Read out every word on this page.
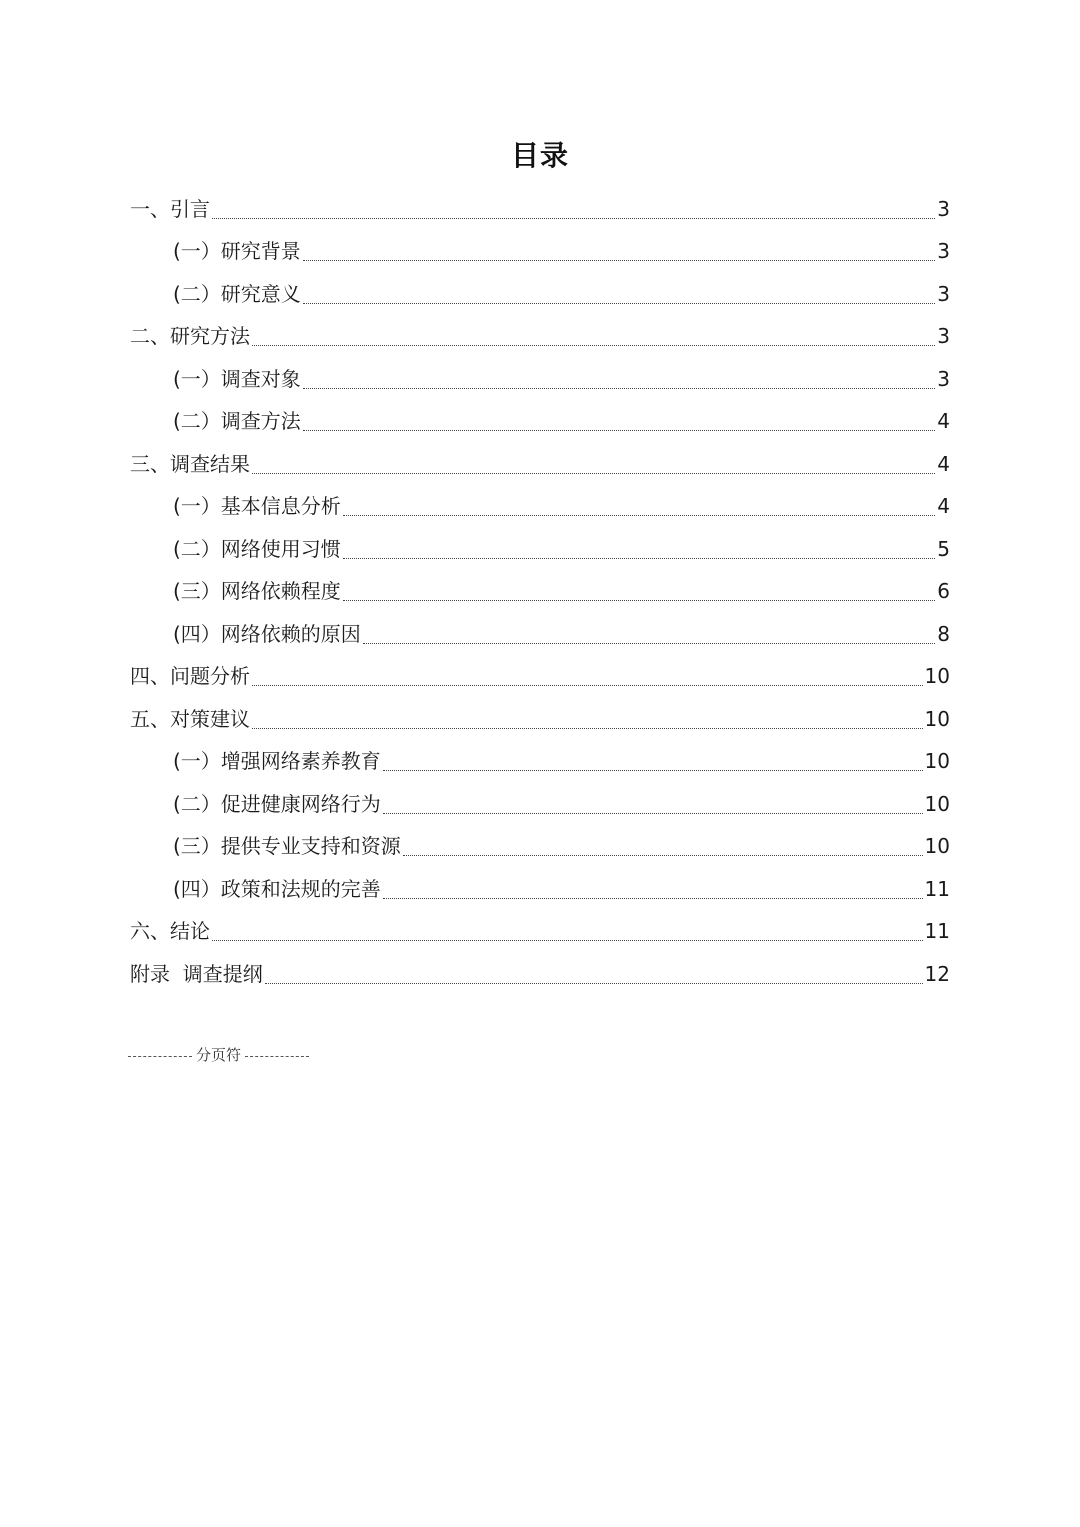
目录
一、引言	3
(一）研究背景	3
(二）研究意义	3
二、研究方法	3
(一）调查对象	3
(二）调查方法	4
三、调查结果	4
(一）基本信息分析	4
(二）网络使用习惯	5
(三）网络依赖程度	6
(四）网络依赖的原因	8
四、问题分析	10
五、对策建议	10
(一）增强网络素养教育	10
(二）促进健康网络行为	10
(三）提供专业支持和资源	10
(四）政策和法规的完善	11
六、结论	11
附录  调查提纲	12
分页符
